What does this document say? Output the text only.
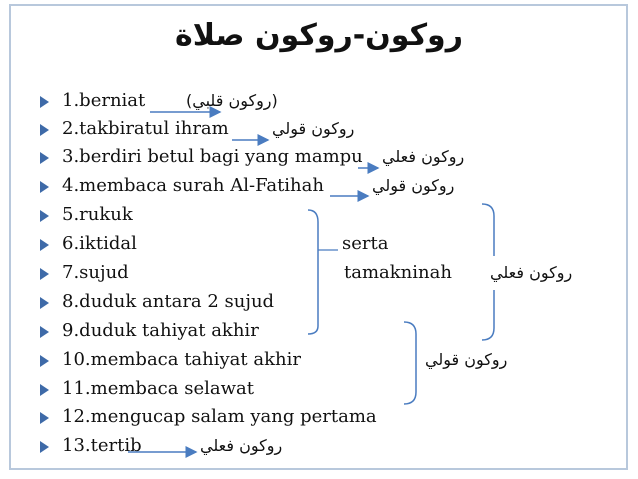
روكون-روكون صلاة
1.berniat
2.takbiratul ihram
3.berdiri betul bagi yang mampu
4.membaca surah Al-Fatihah
5.rukuk
6.iktidal
7.sujud
8.duduk antara 2 sujud
9.duduk tahiyat akhir
10.membaca tahiyat akhir
11.membaca selawat
12.mengucap salam yang pertama
13.tertib
(روكون قلبي)
روكون قولي
روكون فعلي
روكون قولي
روكون فعلي
serta
tamakninah روكون فعلي
روكون قولي
